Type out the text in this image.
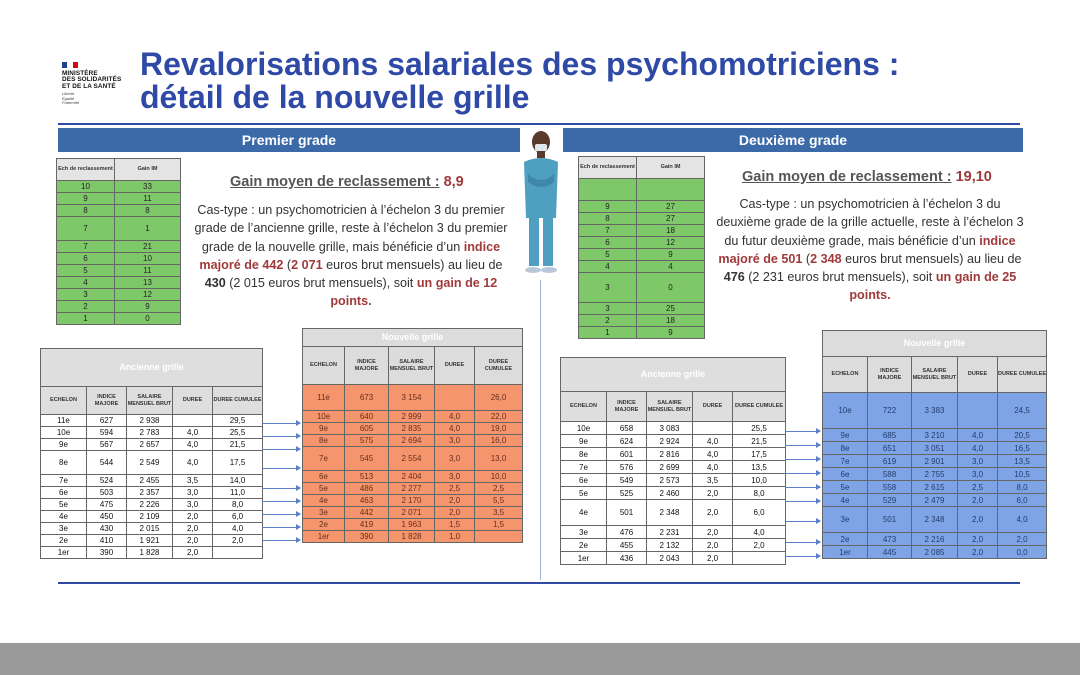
MINISTÈRE
DES SOLIDARITÉS
ET DE LA SANTÉ
Liberté
Égalité
Fraternité
Revalorisations salariales des psychomotriciens :
détail de la nouvelle grille
Premier grade	Deuxième grade
Ech de reclassement	Gain IM
10	33
9	11
8	8
7	1
7	21
6	10
5	11
4	13
3	12
2	9
1	0
Gain moyen de reclassement : 8,9
Cas-type : un psychomotricien à l’échelon 3 du premier grade de l’ancienne grille, reste à l’échelon 3 du premier grade de la nouvelle grille, mais bénéficie d’un indice majoré de 442 (2 071 euros brut mensuels) au lieu de 430 (2 015 euros brut mensuels), soit un gain de 12 points.
Ancienne grille				
ECHELON	INDICE MAJORE	SALAIRE MENSUEL BRUT	DUREE	DUREE CUMULEE
11e	627	2 938		29,5
10e	594	2 783	4,0	25,5
9e	567	2 657	4,0	21,5
8e	544	2 549	4,0	17,5
7e	524	2 455	3,5	14,0
6e	503	2 357	3,0	11,0
5e	475	2 226	3,0	8,0
4e	450	2 109	2,0	6,0
3e	430	2 015	2,0	4,0
2e	410	1 921	2,0	2,0
1er	390	1 828	2,0	
Nouvelle grille				
ECHELON	INDICE MAJORE	SALAIRE MENSUEL BRUT	DUREE	DUREE CUMULEE
11e	673	3 154		26,0
10e	640	2 999	4,0	22,0
9e	605	2 835	4,0	19,0
8e	575	2 694	3,0	16,0
7e	545	2 554	3,0	13,0
6e	513	2 404	3,0	10,0
5e	486	2 277	2,5	2,5
4e	463	2 170	2,0	5,5
3e	442	2 071	2,0	3,5
2e	419	1 963	1,5	1,5
1er	390	1 828	1,0	
Ech de reclassement	Gain IM

9	27
8	27
7	18
6	12
5	9
4	4
3	0
3	25
2	18
1	9
Gain moyen de reclassement : 19,10
Cas-type : un psychomotricien à l’échelon 3 du deuxième grade de la grille actuelle, reste à l’échelon 3 du futur deuxième grade, mais bénéficie d’un indice majoré de 501 (2 348 euros brut mensuels) au lieu de 476 (2 231 euros brut mensuels), soit un gain de 25 points.
Ancienne grille				
ECHELON	INDICE MAJORE	SALAIRE MENSUEL BRUT	DUREE	DUREE CUMULEE
10e	658	3 083		25,5
9e	624	2 924	4,0	21,5
8e	601	2 816	4,0	17,5
7e	576	2 699	4,0	13,5
6e	549	2 573	3,5	10,0
5e	525	2 460	2,0	8,0
4e	501	2 348	2,0	6,0
3e	476	2 231	2,0	4,0
2e	455	2 132	2,0	2,0
1er	436	2 043	2,0	
Nouvelle grille				
ECHELON	INDICE MAJORE	SALAIRE MENSUEL BRUT	DUREE	DUREE CUMULEE
10e	722	3 383		24,5
9e	685	3 210	4,0	20,5
8e	651	3 051	4,0	16,5
7e	619	2 901	3,0	13,5
6e	588	2 755	3,0	10,5
5e	558	2 615	2,5	8,0
4e	529	2 479	2,0	6,0
3e	501	2 348	2,0	4,0
2e	473	2 216	2,0	2,0
1er	445	2 085	2,0	0,0
